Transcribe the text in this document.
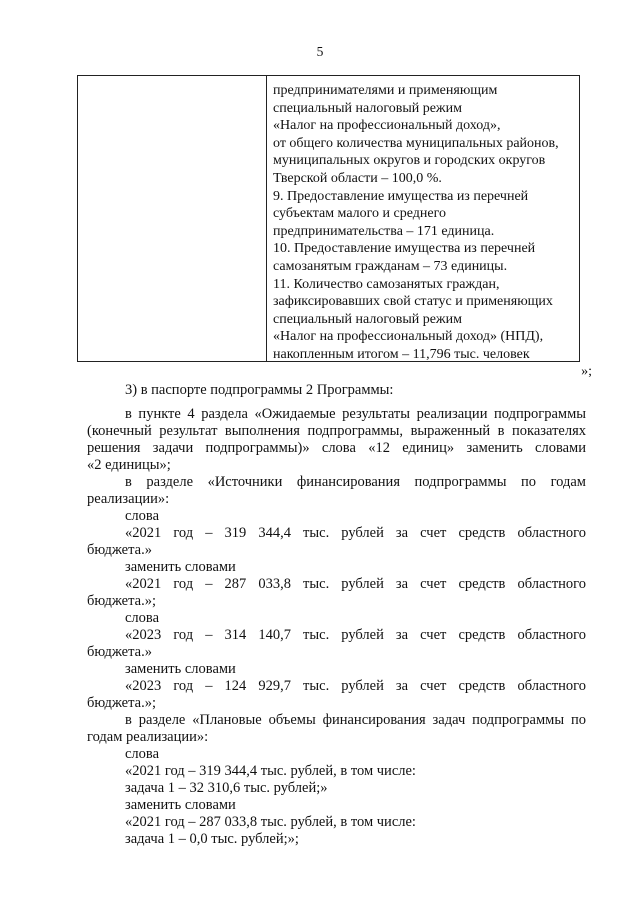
5
предпринимателями и применяющим
специальный налоговый режим
«Налог на профессиональный доход»,
от общего количества муниципальных районов,
муниципальных округов и городских округов
Тверской области – 100,0 %.
9. Предоставление имущества из перечней
субъектам малого и среднего
предпринимательства – 171 единица.
10. Предоставление имущества из перечней
самозанятым гражданам – 73 единицы.
11. Количество самозанятых граждан,
зафиксировавших свой статус и применяющих
специальный налоговый режим
«Налог на профессиональный доход» (НПД),
накопленным итогом – 11,796 тыс. человек
»;
3) в паспорте подпрограммы 2 Программы:
в пункте 4 раздела «Ожидаемые результаты реализации подпрограммы
(конечный результат выполнения подпрограммы, выраженный в показателях
решения задачи подпрограммы)» слова «12 единиц» заменить словами
«2 единицы»;
в разделе «Источники финансирования подпрограммы по годам
реализации»:
слова
«2021 год – 319 344,4 тыс. рублей за счет средств областного
бюджета.»
заменить словами
«2021 год – 287 033,8 тыс. рублей за счет средств областного
бюджета.»;
слова
«2023 год – 314 140,7 тыс. рублей за счет средств областного
бюджета.»
заменить словами
«2023 год – 124 929,7 тыс. рублей за счет средств областного
бюджета.»;
в разделе «Плановые объемы финансирования задач подпрограммы по
годам реализации»:
слова
«2021 год – 319 344,4 тыс. рублей, в том числе:
задача 1 – 32 310,6 тыс. рублей;»
заменить словами
«2021 год – 287 033,8 тыс. рублей, в том числе:
задача 1 – 0,0 тыс. рублей;»;
